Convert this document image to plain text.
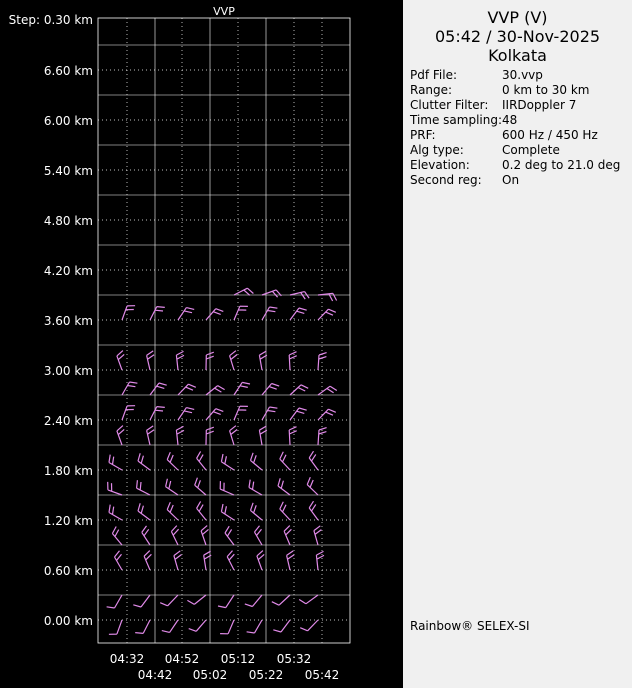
VVP
Step: 0.30 km
6.60 km
6.00 km
5.40 km
4.80 km
4.20 km
3.60 km
3.00 km
2.40 km
1.80 km
1.20 km
0.60 km
0.00 km
04:32 04:52 05:12 05:32
04:42 05:02 05:22 05:42
VVP (V)
05:42 / 30-Nov-2025
Kolkata
Pdf File:	30.vvp
Range:	0 km to 30 km
Clutter Filter: IIRDoppler 7
Time sampling: 48
PRF:	600 Hz / 450 Hz
Alg type:	Complete
Elevation:	0.2 deg to 21.0 deg
Second reg: On
Rainbow® SELEX-SI
